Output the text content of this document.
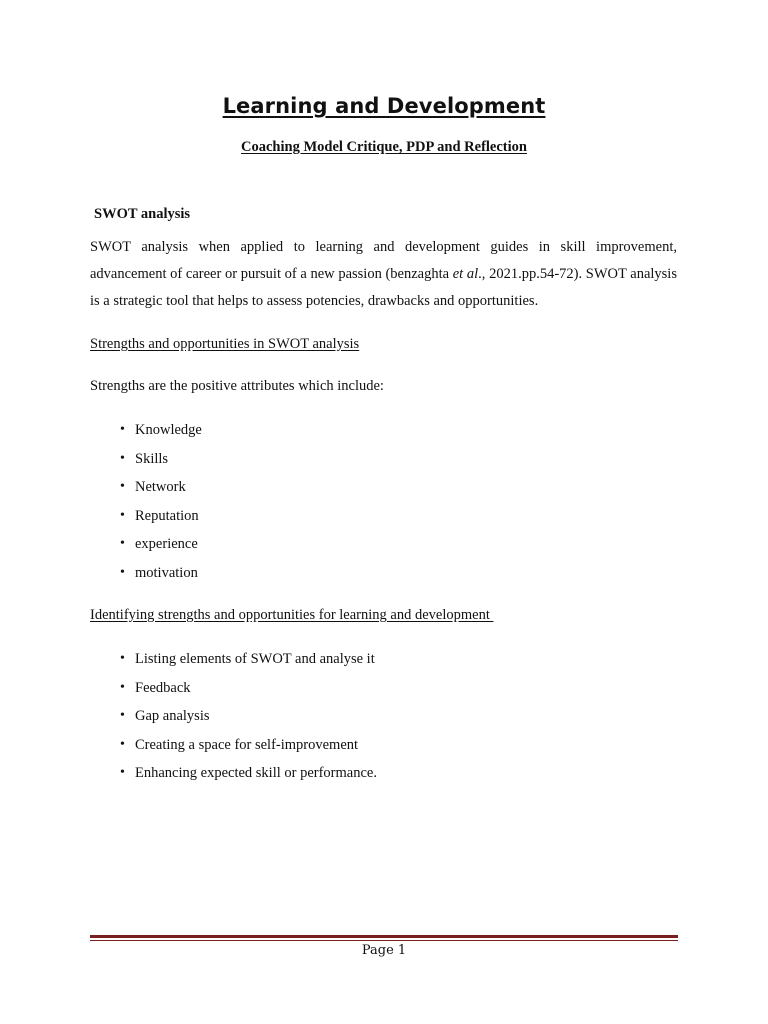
Learning and Development
Coaching Model Critique, PDP and Reflection
SWOT analysis

SWOT analysis when applied to learning and development guides in skill improvement, advancement of career or pursuit of a new passion (benzaghta et al., 2021.pp.54-72). SWOT analysis is a strategic tool that helps to assess potencies, drawbacks and opportunities.

Strengths and opportunities in SWOT analysis

Strengths are the positive attributes which include:

• Knowledge
• Skills
• Network
• Reputation
• experience
• motivation

Identifying strengths and opportunities for learning and development

• Listing elements of SWOT and analyse it
• Feedback
• Gap analysis
• Creating a space for self-improvement
• Enhancing expected skill or performance.

Page 1
